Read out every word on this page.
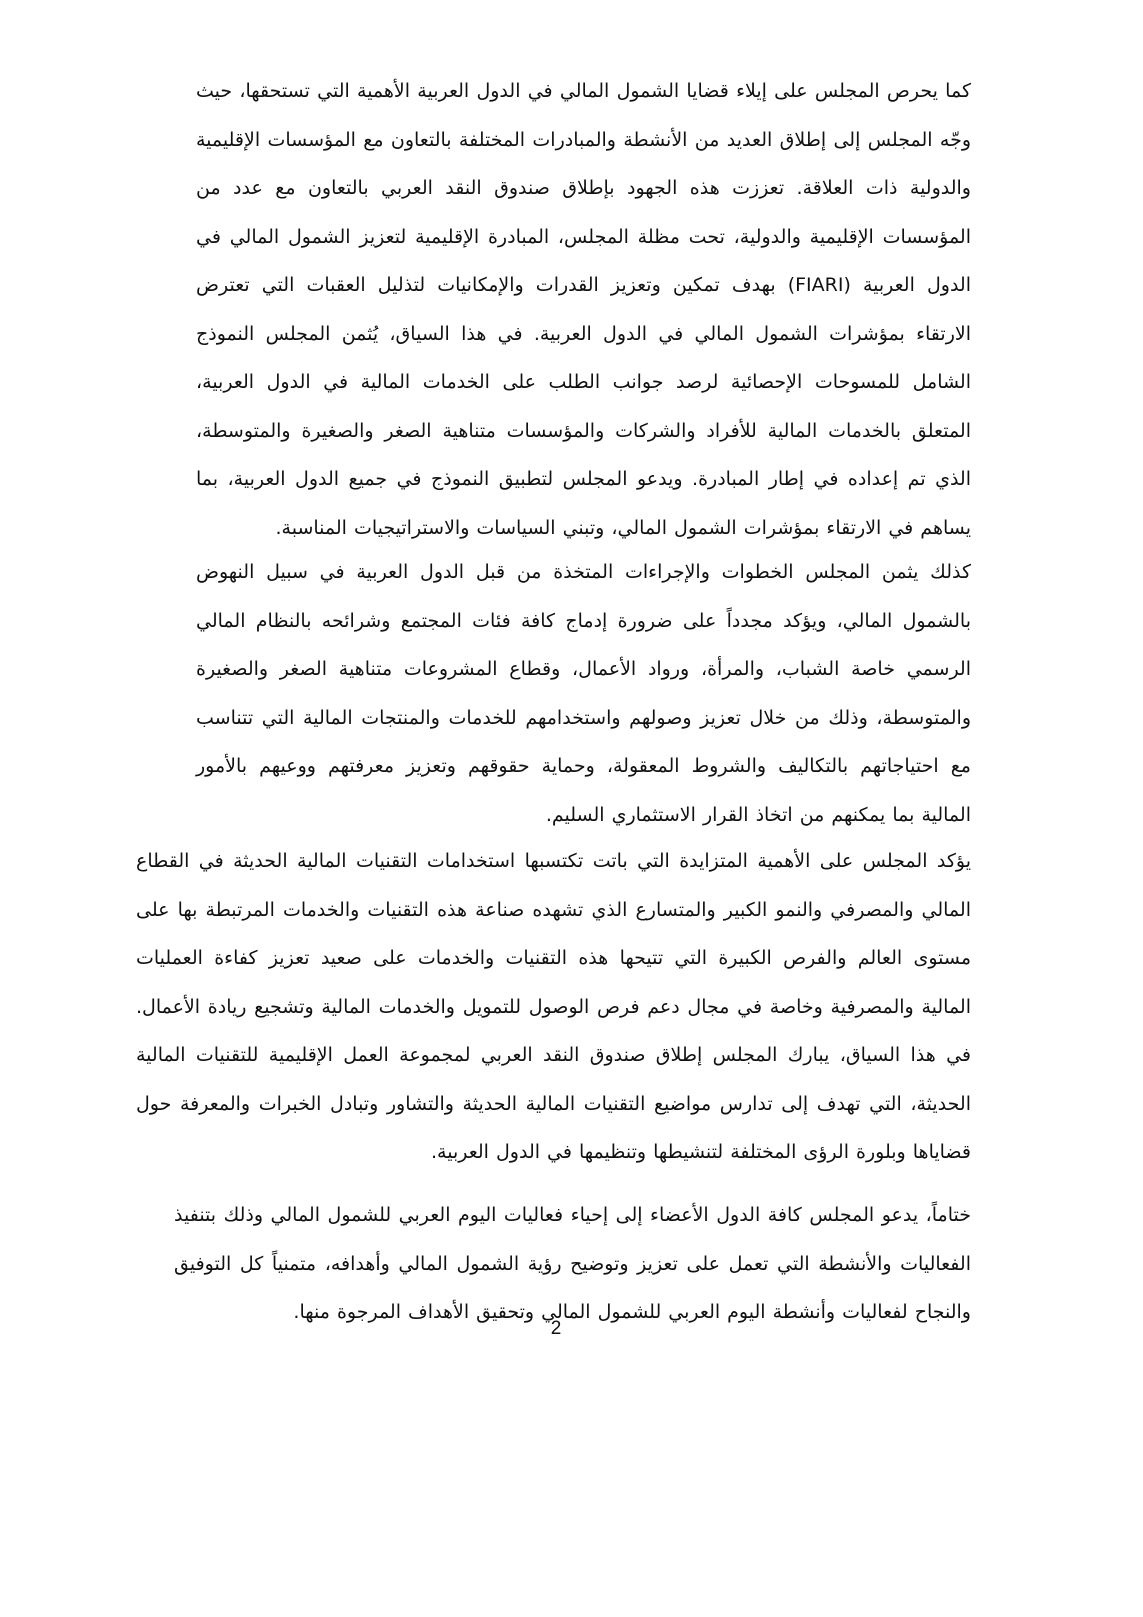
كما يحرص المجلس على إيلاء قضايا الشمول المالي في الدول العربية الأهمية التي تستحقها، حيث وجّه المجلس إلى إطلاق العديد من الأنشطة والمبادرات المختلفة بالتعاون مع المؤسسات الإقليمية والدولية ذات العلاقة. تعززت هذه الجهود بإطلاق صندوق النقد العربي بالتعاون مع عدد من المؤسسات الإقليمية والدولية، تحت مظلة المجلس، المبادرة الإقليمية لتعزيز الشمول المالي في الدول العربية (FIARI) بهدف تمكين وتعزيز القدرات والإمكانيات لتذليل العقبات التي تعترض الارتقاء بمؤشرات الشمول المالي في الدول العربية. في هذا السياق، يُثمن المجلس النموذج الشامل للمسوحات الإحصائية لرصد جوانب الطلب على الخدمات المالية في الدول العربية، المتعلق بالخدمات المالية للأفراد والشركات والمؤسسات متناهية الصغر والصغيرة والمتوسطة، الذي تم إعداده في إطار المبادرة. ويدعو المجلس لتطبيق النموذج في جميع الدول العربية، بما يساهم في الارتقاء بمؤشرات الشمول المالي، وتبني السياسات والاستراتيجيات المناسبة.

كذلك يثمن المجلس الخطوات والإجراءات المتخذة من قبل الدول العربية في سبيل النهوض بالشمول المالي، ويؤكد مجدداً على ضرورة إدماج كافة فئات المجتمع وشرائحه بالنظام المالي الرسمي خاصة الشباب، والمرأة، ورواد الأعمال، وقطاع المشروعات متناهية الصغر والصغيرة والمتوسطة، وذلك من خلال تعزيز وصولهم واستخدامهم للخدمات والمنتجات المالية التي تتناسب مع احتياجاتهم بالتكاليف والشروط المعقولة، وحماية حقوقهم وتعزيز معرفتهم ووعيهم بالأمور المالية بما يمكنهم من اتخاذ القرار الاستثماري السليم.

يؤكد المجلس على الأهمية المتزايدة التي باتت تكتسبها استخدامات التقنيات المالية الحديثة في القطاع المالي والمصرفي والنمو الكبير والمتسارع الذي تشهده صناعة هذه التقنيات والخدمات المرتبطة بها على مستوى العالم والفرص الكبيرة التي تتيحها هذه التقنيات والخدمات على صعيد تعزيز كفاءة العمليات المالية والمصرفية وخاصة في مجال دعم فرص الوصول للتمويل والخدمات المالية وتشجيع ريادة الأعمال. في هذا السياق، يبارك المجلس إطلاق صندوق النقد العربي لمجموعة العمل الإقليمية للتقنيات المالية الحديثة، التي تهدف إلى تدارس مواضيع التقنيات المالية الحديثة والتشاور وتبادل الخبرات والمعرفة حول قضاياها وبلورة الرؤى المختلفة لتنشيطها وتنظيمها في الدول العربية.

ختاماً، يدعو المجلس كافة الدول الأعضاء إلى إحياء فعاليات اليوم العربي للشمول المالي وذلك بتنفيذ الفعاليات والأنشطة التي تعمل على تعزيز وتوضيح رؤية الشمول المالي وأهدافه، متمنياً كل التوفيق والنجاح لفعاليات وأنشطة اليوم العربي للشمول المالي وتحقيق الأهداف المرجوة منها.

2
